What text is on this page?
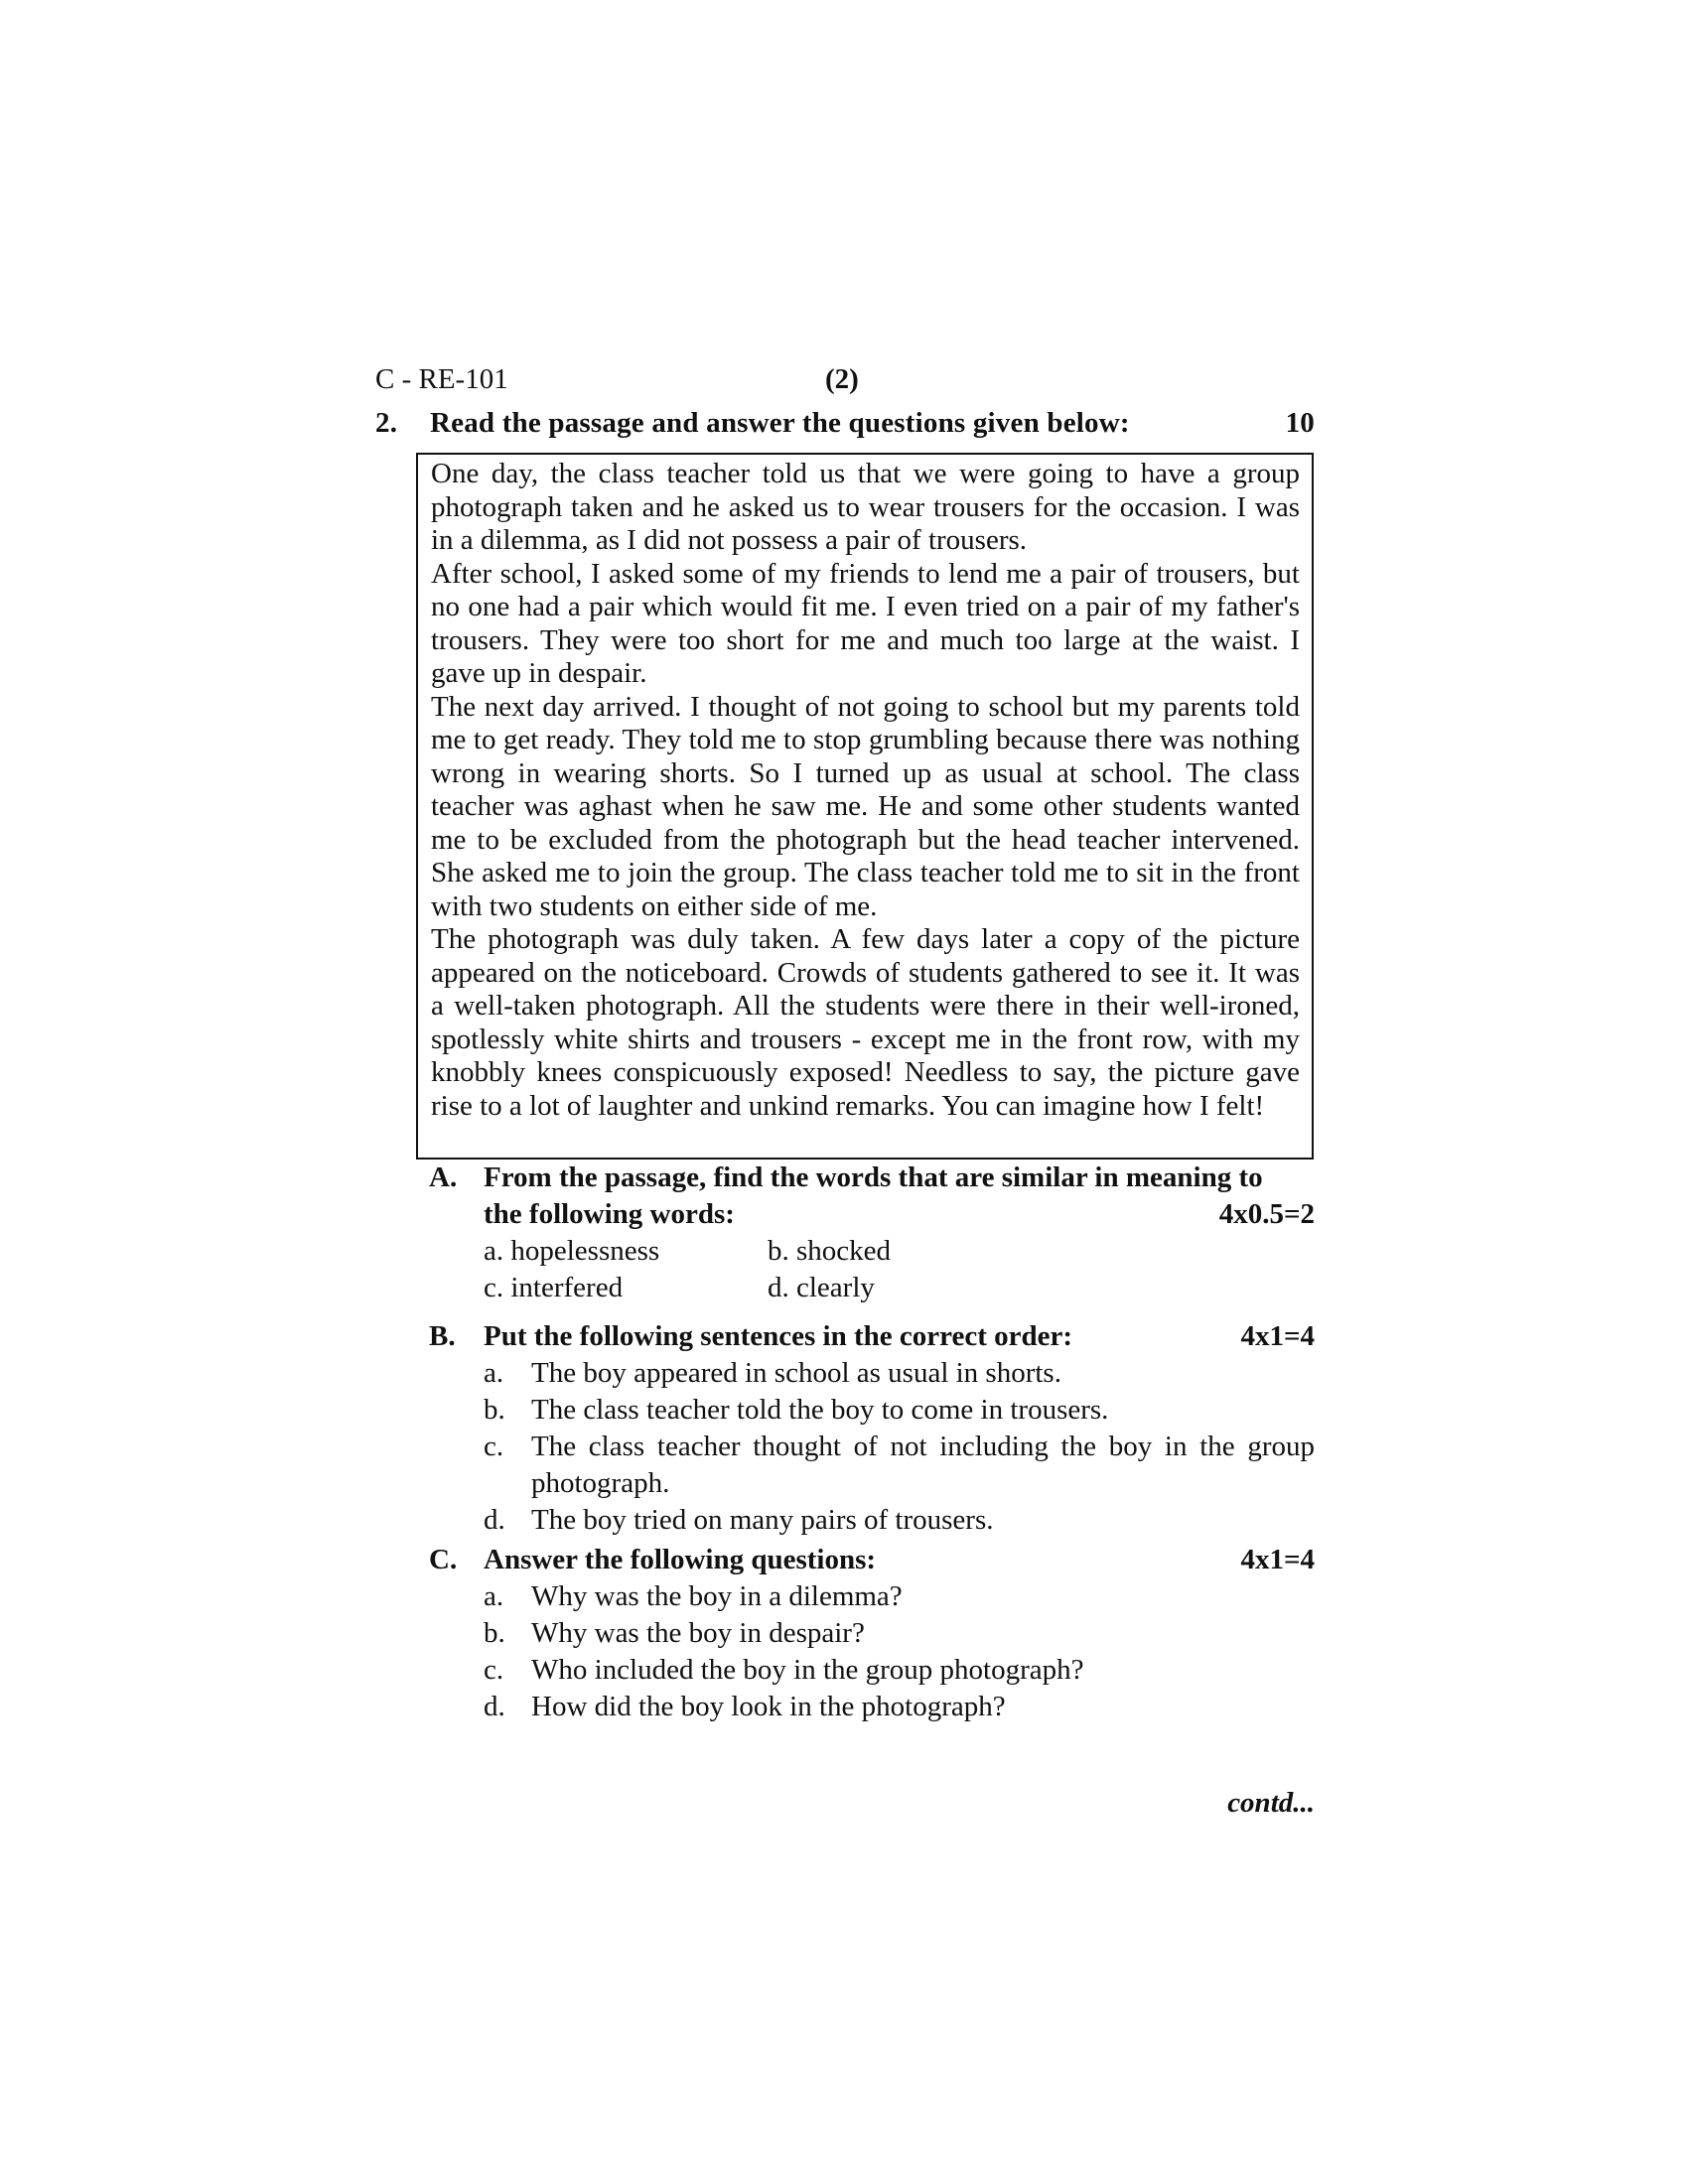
C - RE-101	(2)
2.	Read the passage and answer the questions given below:	10

One day, the class teacher told us that we were going to have a group photograph taken and he asked us to wear trousers for the occasion. I was in a dilemma, as I did not possess a pair of trousers.

After school, I asked some of my friends to lend me a pair of trousers, but no one had a pair which would fit me. I even tried on a pair of my father's trousers. They were too short for me and much too large at the waist. I gave up in despair.

The next day arrived. I thought of not going to school but my parents told me to get ready. They told me to stop grumbling because there was nothing wrong in wearing shorts. So I turned up as usual at school. The class teacher was aghast when he saw me. He and some other students wanted me to be excluded from the photograph but the head teacher intervened. She asked me to join the group. The class teacher told me to sit in the front with two students on either side of me.

The photograph was duly taken. A few days later a copy of the picture appeared on the noticeboard. Crowds of students gathered to see it. It was a well-taken photograph. All the students were there in their well-ironed, spotlessly white shirts and trousers - except me in the front row, with my knobbly knees conspicuously exposed! Needless to say, the picture gave rise to a lot of laughter and unkind remarks. You can imagine how I felt!

A. From the passage, find the words that are similar in meaning to
the following words:	4x0.5=2
a. hopelessness	b. shocked
c. interfered	d. clearly
B. Put the following sentences in the correct order:	4x1=4
a. The boy appeared in school as usual in shorts.
b. The class teacher told the boy to come in trousers.
c. The class teacher thought of not including the boy in the group photograph.
d. The boy tried on many pairs of trousers.
C. Answer the following questions:	4x1=4
a. Why was the boy in a dilemma?
b. Why was the boy in despair?
c. Who included the boy in the group photograph?
d. How did the boy look in the photograph?
contd...
